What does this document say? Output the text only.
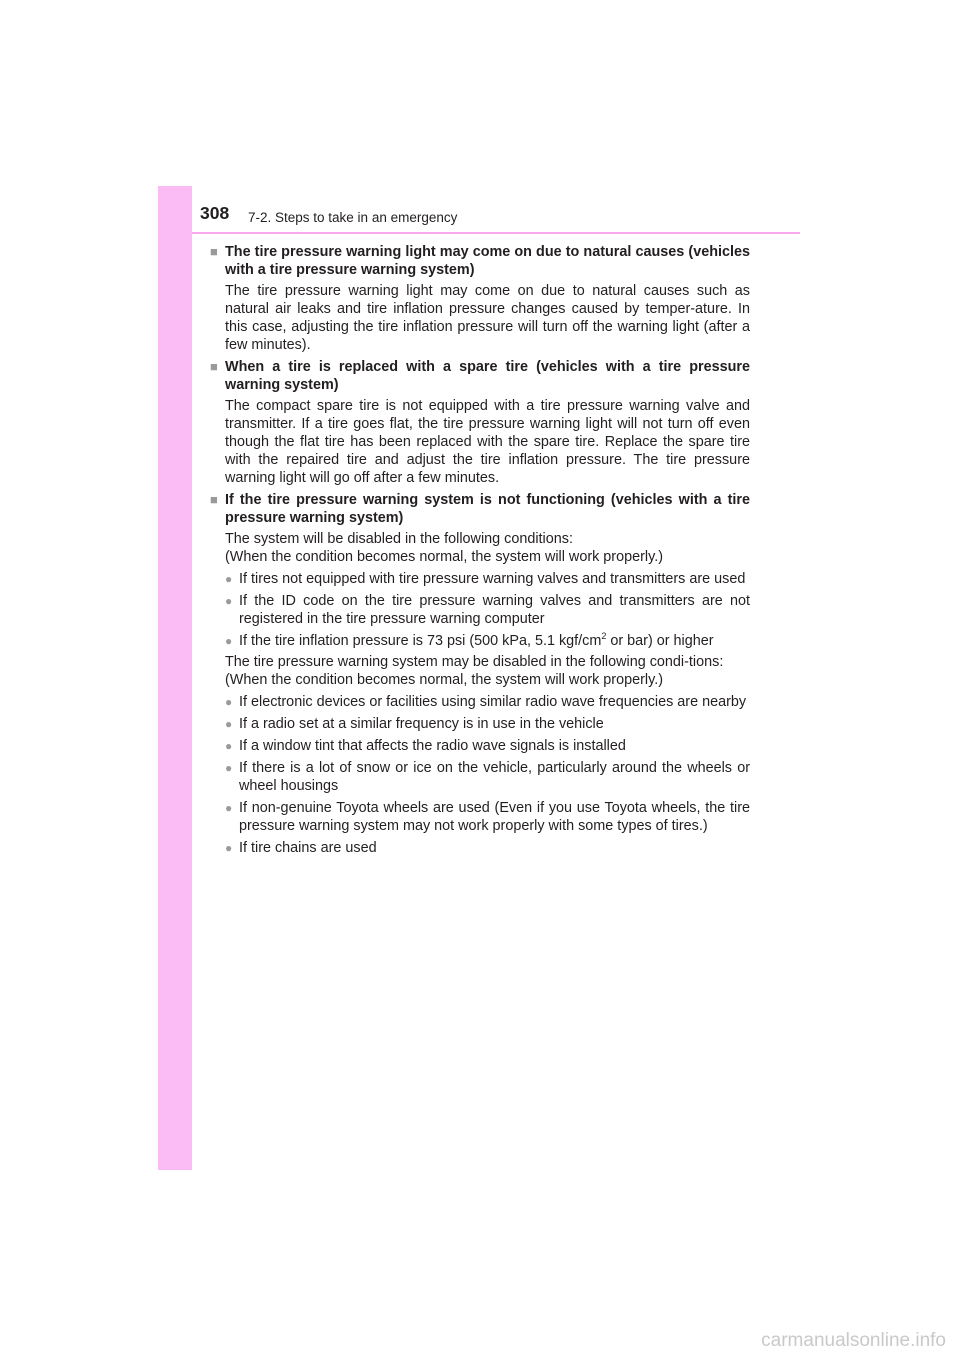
308 7-2. Steps to take in an emergency
■ The tire pressure warning light may come on due to natural causes (vehicles with a tire pressure warning system)
The tire pressure warning light may come on due to natural causes such as natural air leaks and tire inflation pressure changes caused by temper-ature. In this case, adjusting the tire inflation pressure will turn off the warning light (after a few minutes).
■ When a tire is replaced with a spare tire (vehicles with a tire pressure warning system)
The compact spare tire is not equipped with a tire pressure warning valve and transmitter. If a tire goes flat, the tire pressure warning light will not turn off even though the flat tire has been replaced with the spare tire. Replace the spare tire with the repaired tire and adjust the tire inflation pressure. The tire pressure warning light will go off after a few minutes.
■ If the tire pressure warning system is not functioning (vehicles with a tire pressure warning system)
The system will be disabled in the following conditions:
(When the condition becomes normal, the system will work properly.)
● If tires not equipped with tire pressure warning valves and transmitters are used
● If the ID code on the tire pressure warning valves and transmitters are not registered in the tire pressure warning computer
● If the tire inflation pressure is 73 psi (500 kPa, 5.1 kgf/$cm^2$ or bar) or higher
The tire pressure warning system may be disabled in the following condi-tions:
(When the condition becomes normal, the system will work properly.)
● If electronic devices or facilities using similar radio wave frequencies are nearby
● If a radio set at a similar frequency is in use in the vehicle
● If a window tint that affects the radio wave signals is installed
● If there is a lot of snow or ice on the vehicle, particularly around the wheels or wheel housings
● If non-genuine Toyota wheels are used (Even if you use Toyota wheels, the tire pressure warning system may not work properly with some types of tires.)
● If tire chains are used
carmanualsonline.info
